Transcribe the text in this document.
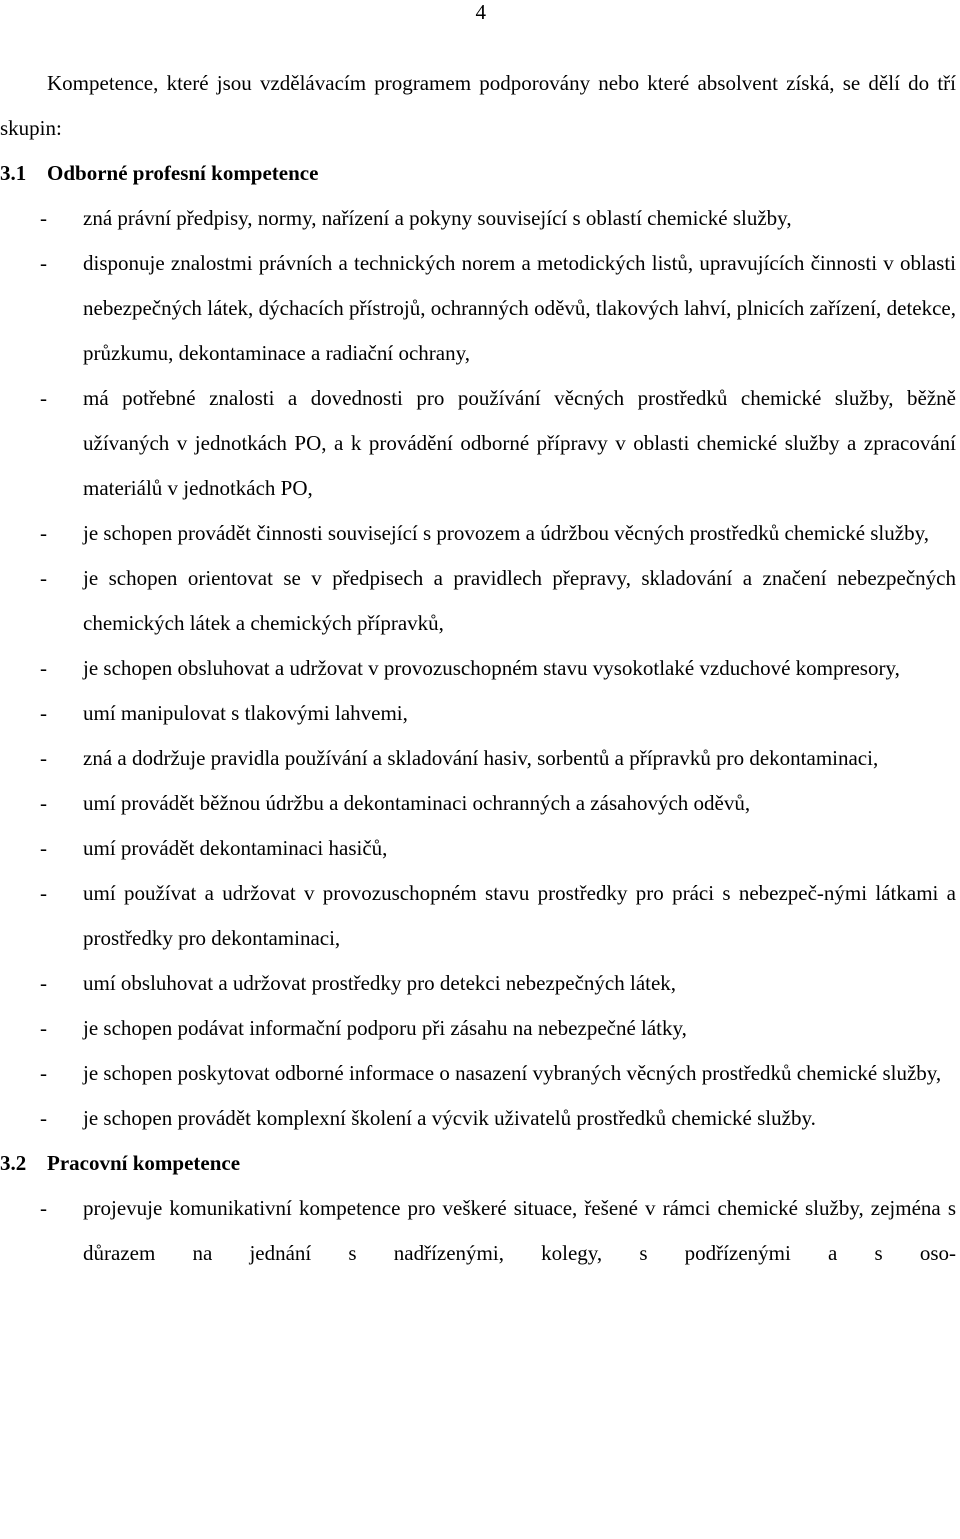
4

Kompetence, které jsou vzdělávacím programem podporovány nebo které absolvent získá, se dělí do tří skupin:

3.1 Odborné profesní kompetence
-	zná právní předpisy, normy, nařízení a pokyny související s oblastí chemické služby,
-	disponuje znalostmi právních a technických norem a metodických listů, upravujících činnosti v oblasti nebezpečných látek, dýchacích přístrojů, ochranných oděvů, tlakových lahví, plnicích zařízení, detekce, průzkumu, dekontaminace a radiační ochrany,
-	má potřebné znalosti a dovednosti pro používání věcných prostředků chemické služby, běžně užívaných v jednotkách PO, a k provádění odborné přípravy v oblasti chemické služby a zpracování materiálů v jednotkách PO,
-	je schopen provádět činnosti související s provozem a údržbou věcných prostředků chemické služby,
-	je schopen orientovat se v předpisech a pravidlech přepravy, skladování a značení nebezpečných chemických látek a chemických přípravků,
-	je schopen obsluhovat a udržovat v provozuschopném stavu vysokotlaké vzduchové kompresory,
-	umí manipulovat s tlakovými lahvemi,
-	zná a dodržuje pravidla používání a skladování hasiv, sorbentů a přípravků pro dekontaminaci,
-	umí provádět běžnou údržbu a dekontaminaci ochranných a zásahových oděvů,
-	umí provádět dekontaminaci hasičů,
-	umí používat a udržovat v provozuschopném stavu prostředky pro práci s nebezpeč-nými látkami a prostředky pro dekontaminaci,
-	umí obsluhovat a udržovat prostředky pro detekci nebezpečných látek,
-	je schopen podávat informační podporu při zásahu na nebezpečné látky,
-	je schopen poskytovat odborné informace o nasazení vybraných věcných prostředků chemické služby,
-	je schopen provádět komplexní školení a výcvik uživatelů prostředků chemické služby.
3.2 Pracovní kompetence
-	projevuje komunikativní kompetence pro veškeré situace, řešené v rámci chemické služby, zejména s důrazem na jednání s nadřízenými, kolegy, s podřízenými a s oso-
